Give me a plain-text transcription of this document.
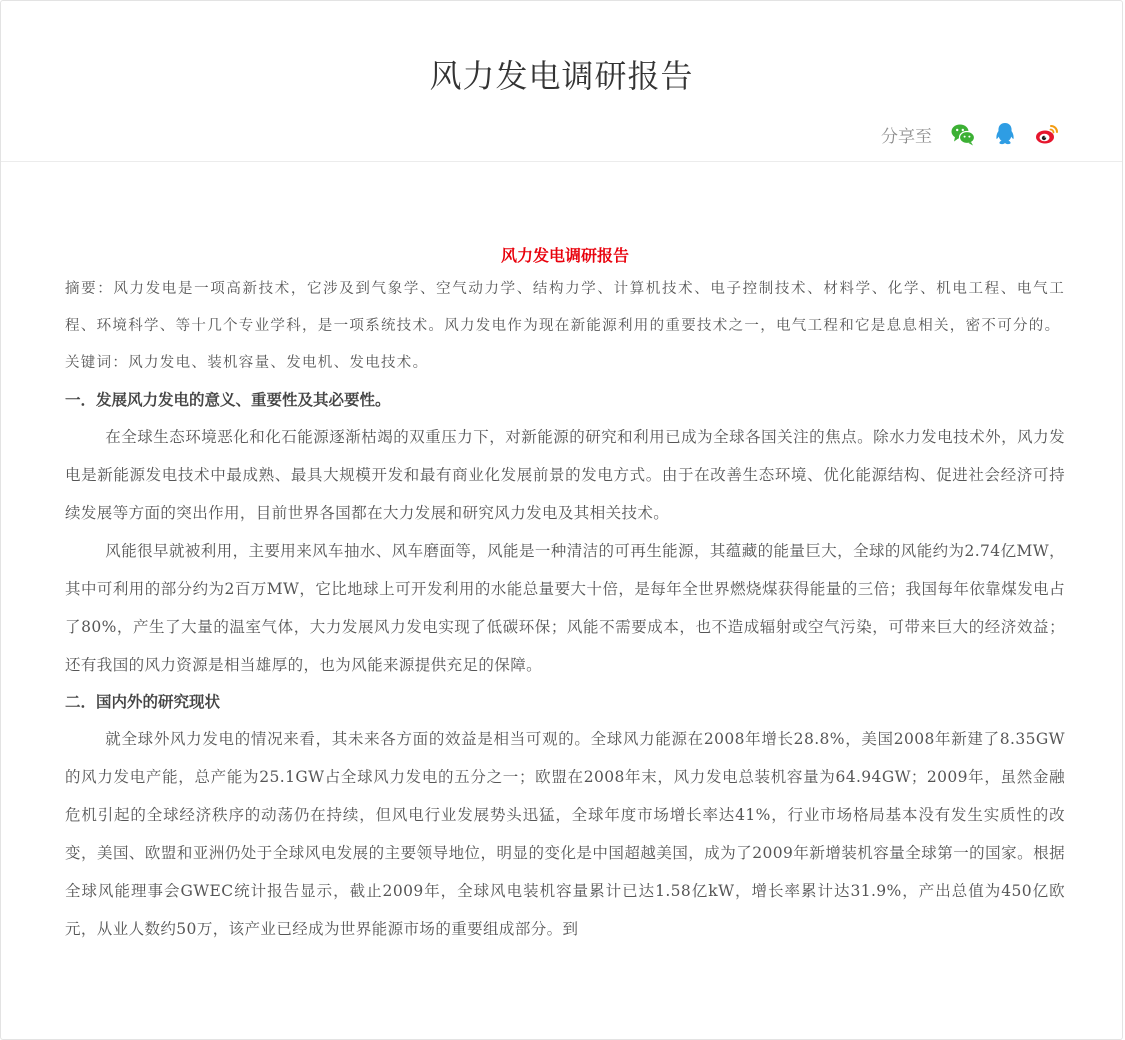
风力发电调研报告
分享至
风力发电调研报告

摘要：风力发电是一项高新技术，它涉及到气象学、空气动力学、结构力学、计算机技术、电子控制技术、材料学、化学、机电工程、电气工程、环境科学、等十几个专业学科，是一项系统技术。风力发电作为现在新能源利用的重要技术之一，电气工程和它是息息相关，密不可分的。

关键词：风力发电、装机容量、发电机、发电技术。

一．发展风力发电的意义、重要性及其必要性。

在全球生态环境恶化和化石能源逐渐枯竭的双重压力下，对新能源的研究和利用已成为全球各国关注的焦点。除水力发电技术外，风力发电是新能源发电技术中最成熟、最具大规模开发和最有商业化发展前景的发电方式。由于在改善生态环境、优化能源结构、促进社会经济可持续发展等方面的突出作用，目前世界各国都在大力发展和研究风力发电及其相关技术。

风能很早就被利用，主要用来风车抽水、风车磨面等，风能是一种清洁的可再生能源，其蕴藏的能量巨大，全球的风能约为2.74亿MW，其中可利用的部分约为2百万MW，它比地球上可开发利用的水能总量要大十倍，是每年全世界燃烧煤获得能量的三倍；我国每年依靠煤发电占了80%，产生了大量的温室气体，大力发展风力发电实现了低碳环保；风能不需要成本，也不造成辐射或空气污染，可带来巨大的经济效益；还有我国的风力资源是相当雄厚的，也为风能来源提供充足的保障。

二．国内外的研究现状

就全球外风力发电的情况来看，其未来各方面的效益是相当可观的。全球风力能源在2008年增长28.8%，美国2008年新建了8.35GW的风力发电产能，总产能为25.1GW占全球风力发电的五分之一；欧盟在2008年末，风力发电总装机容量为64.94GW；2009年，虽然金融危机引起的全球经济秩序的动荡仍在持续，但风电行业发展势头迅猛，全球年度市场增长率达41%，行业市场格局基本没有发生实质性的改变，美国、欧盟和亚洲仍处于全球风电发展的主要领导地位，明显的变化是中国超越美国，成为了2009年新增装机容量全球第一的国家。根据全球风能理事会GWEC统计报告显示，截止2009年，全球风电装机容量累计已达1.58亿kW，增长率累计达31.9%，产出总值为450亿欧元，从业人数约50万，该产业已经成为世界能源市场的重要组成部分。到
